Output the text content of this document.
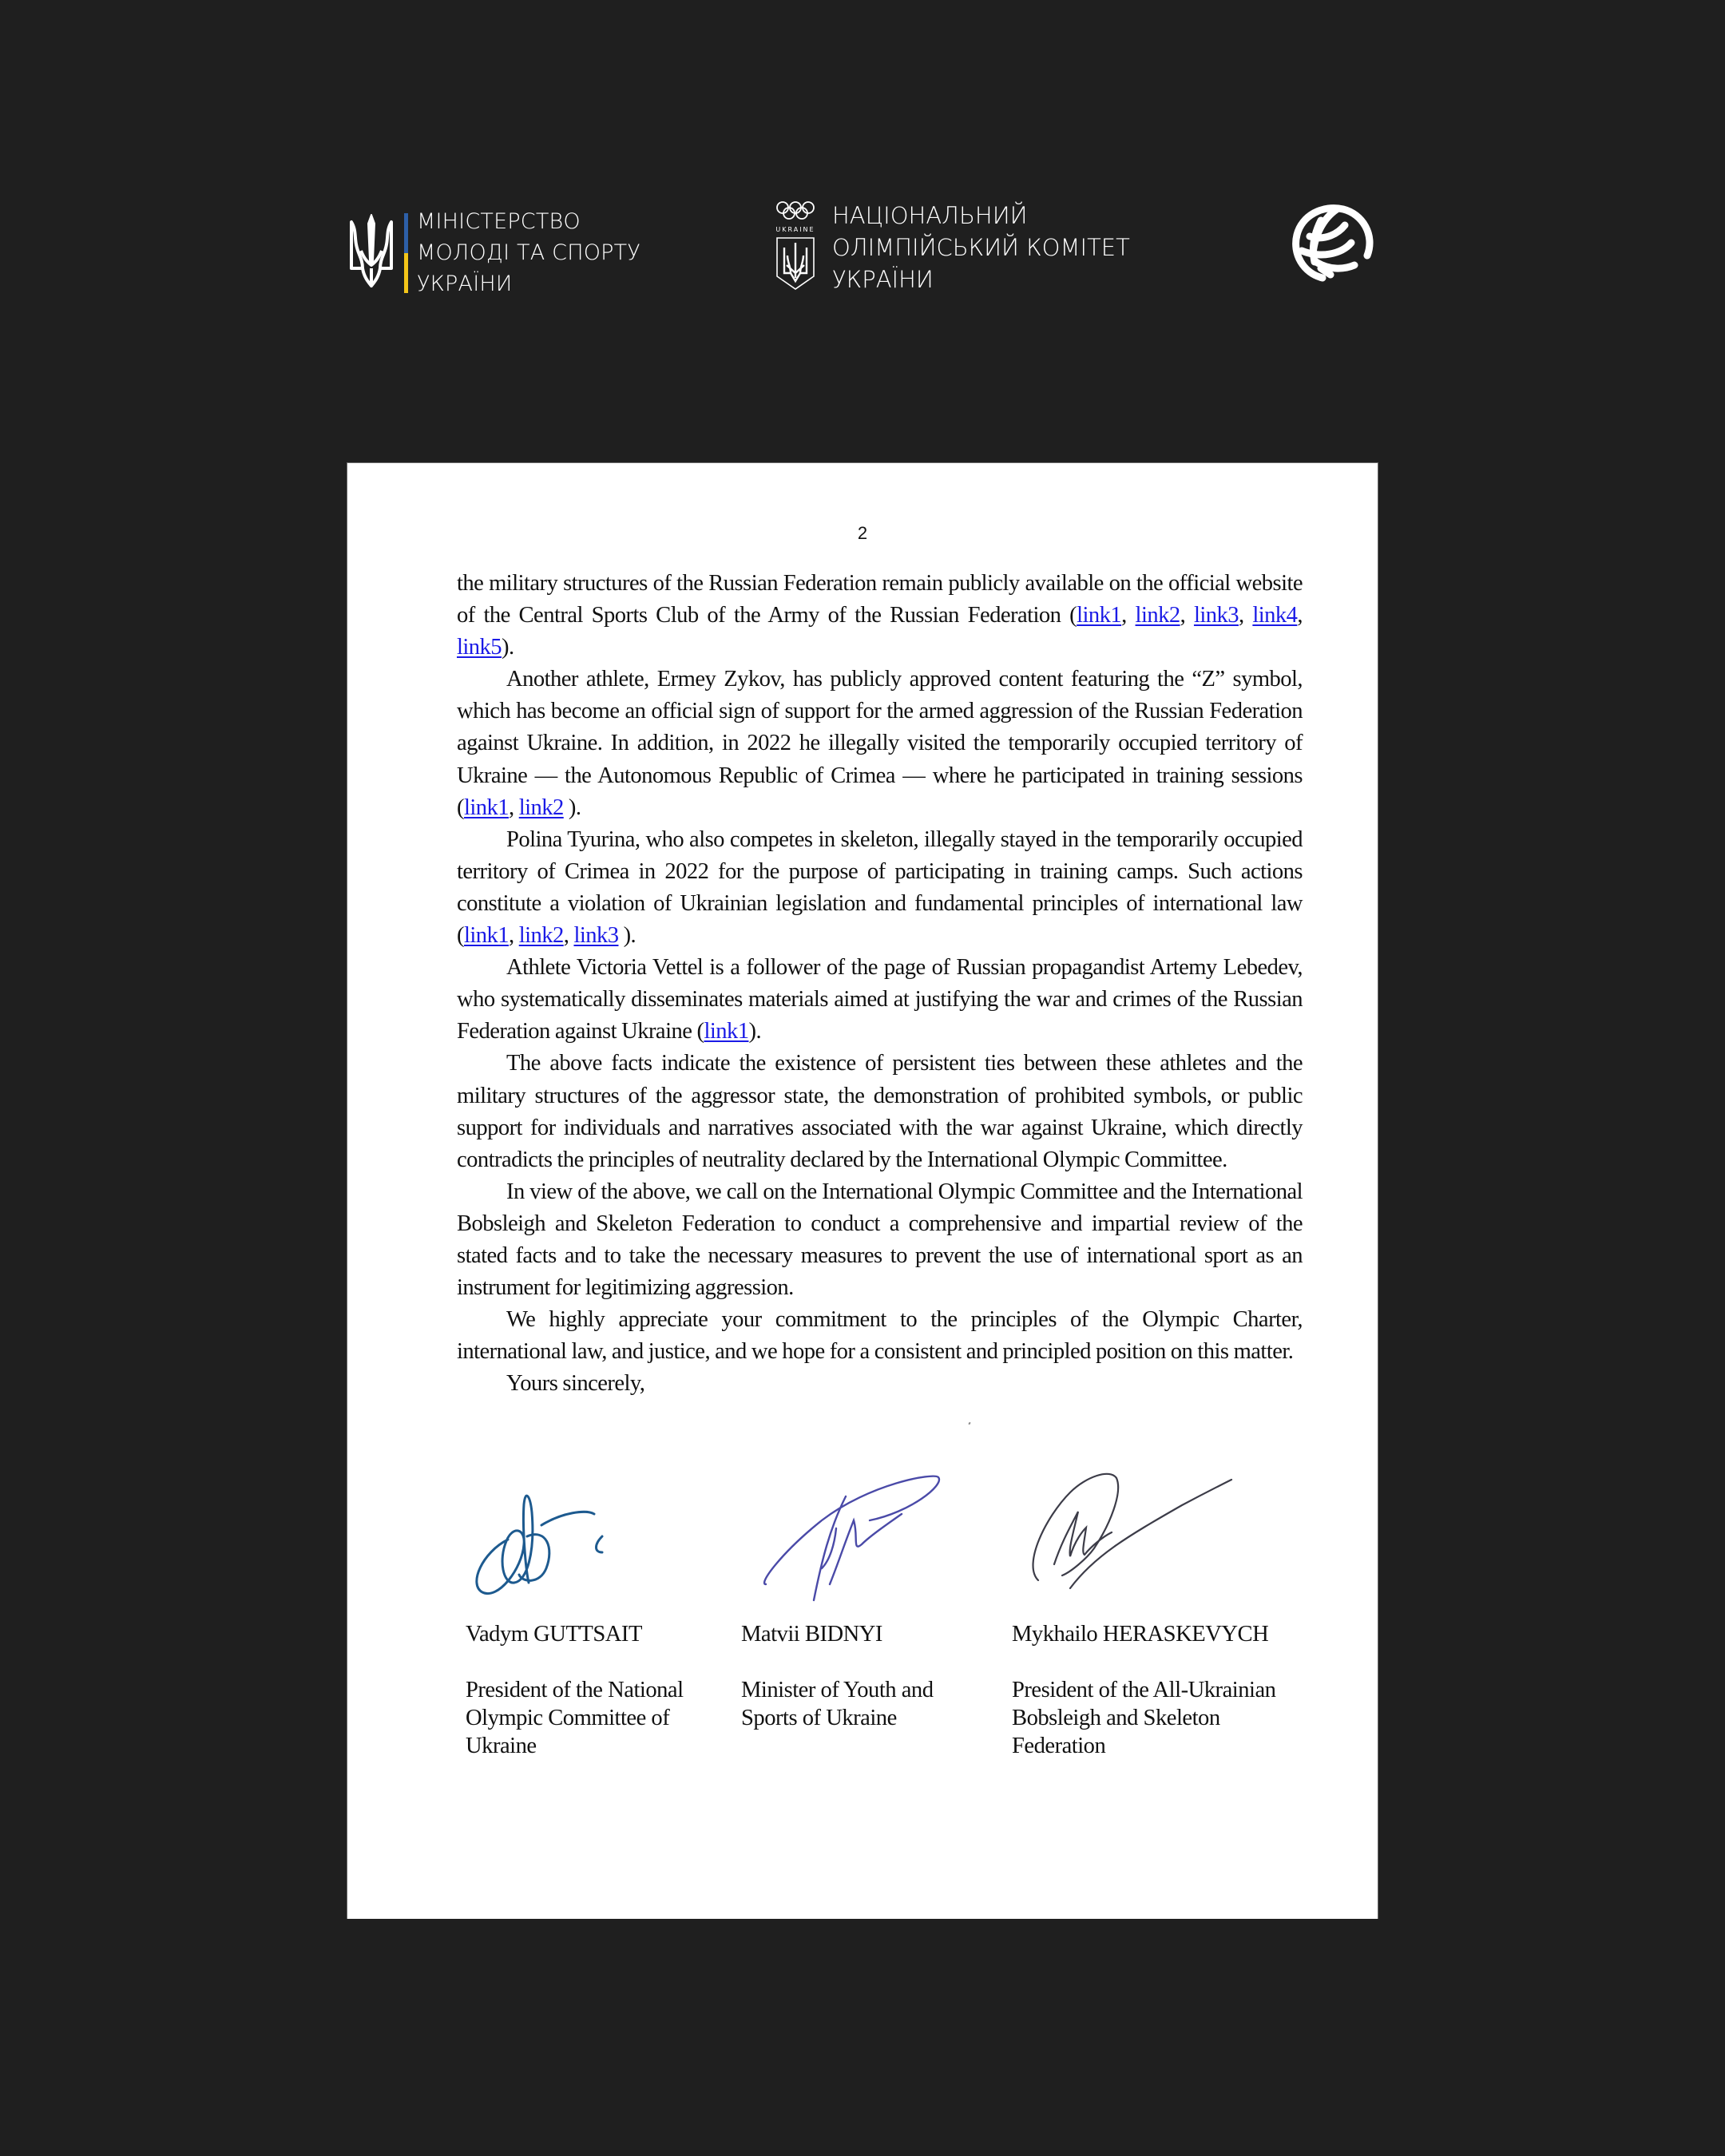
МІНІСТЕРСТВО
МОЛОДІ ТА СПОРТУ
УКРАЇНИ
UKRAINE НАЦІОНАЛЬНИЙ
ОЛІМПІЙСЬКИЙ КОМІТЕТ
УКРАЇНИ
2

the military structures of the Russian Federation remain publicly available on the official website of the Central Sports Club of the Army of the Russian Federation (link1, link2, link3, link4, link5).

Another athlete, Ermey Zykov, has publicly approved content featuring the “Z” symbol, which has become an official sign of support for the armed aggression of the Russian Federation against Ukraine. In addition, in 2022 he illegally visited the temporarily occupied territory of Ukraine — the Autonomous Republic of Crimea — where he participated in training sessions (link1, link2 ).

Polina Tyurina, who also competes in skeleton, illegally stayed in the temporarily occupied territory of Crimea in 2022 for the purpose of participating in training camps. Such actions constitute a violation of Ukrainian legislation and fundamental principles of international law (link1, link2, link3 ).

Athlete Victoria Vettel is a follower of the page of Russian propagandist Artemy Lebedev, who systematically disseminates materials aimed at justifying the war and crimes of the Russian Federation against Ukraine (link1).

The above facts indicate the existence of persistent ties between these athletes and the military structures of the aggressor state, the demonstration of prohibited symbols, or public support for individuals and narratives associated with the war against Ukraine, which directly contradicts the principles of neutrality declared by the International Olympic Committee.

In view of the above, we call on the International Olympic Committee and the International Bobsleigh and Skeleton Federation to conduct a comprehensive and impartial review of the stated facts and to take the necessary measures to prevent the use of international sport as an instrument for legitimizing aggression.

We highly appreciate your commitment to the principles of the Olympic Charter, international law, and justice, and we hope for a consistent and principled position on this matter.

Yours sincerely,

Vadym GUTTSAIT
President of the National
Olympic Committee of
Ukraine
Matvii BIDNYI
Minister of Youth and
Sports of Ukraine
Mykhailo HERASKEVYCH
President of the All-Ukrainian
Bobsleigh and Skeleton
Federation
